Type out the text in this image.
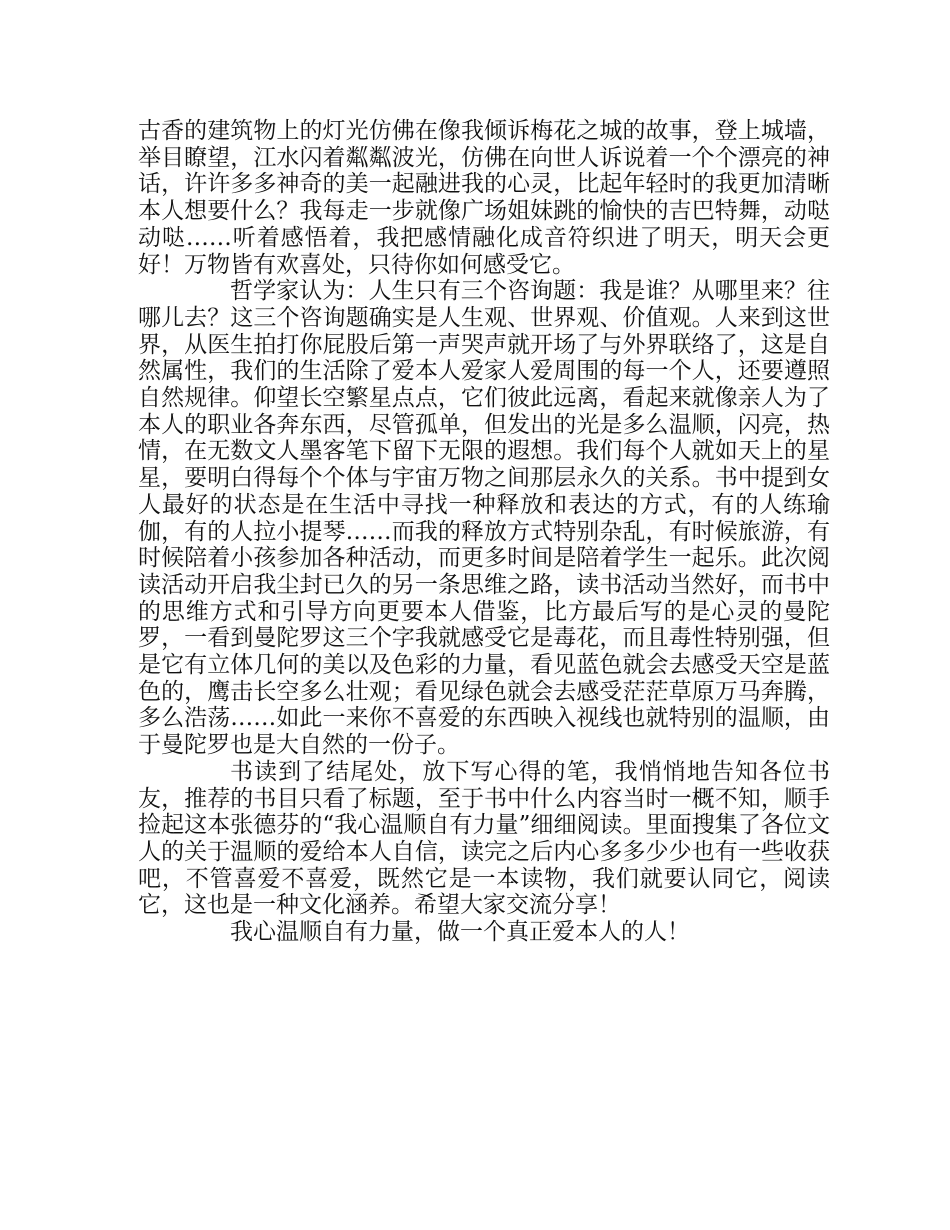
古香的建筑物上的灯光仿佛在像我倾诉梅花之城的故事，登上城墙，举目瞭望，江水闪着粼粼波光，仿佛在向世人诉说着一个个漂亮的神话，许许多多神奇的美一起融进我的心灵，比起年轻时的我更加清晰本人想要什么？我每走一步就像广场姐妹跳的愉快的吉巴特舞，动哒动哒……听着感悟着，我把感情融化成音符织进了明天，明天会更好！万物皆有欢喜处，只待你如何感受它。

哲学家认为：人生只有三个咨询题：我是谁？从哪里来？往哪儿去？这三个咨询题确实是人生观、世界观、价值观。人来到这世界，从医生拍打你屁股后第一声哭声就开场了与外界联络了，这是自然属性，我们的生活除了爱本人爱家人爱周围的每一个人，还要遵照自然规律。仰望长空繁星点点，它们彼此远离，看起来就像亲人为了本人的职业各奔东西，尽管孤单，但发出的光是多么温顺，闪亮，热情，在无数文人墨客笔下留下无限的遐想。我们每个人就如天上的星星，要明白得每个个体与宇宙万物之间那层永久的关系。书中提到女人最好的状态是在生活中寻找一种释放和表达的方式，有的人练瑜伽，有的人拉小提琴……而我的释放方式特别杂乱，有时候旅游，有时候陪着小孩参加各种活动，而更多时间是陪着学生一起乐。此次阅读活动开启我尘封已久的另一条思维之路，读书活动当然好，而书中的思维方式和引导方向更要本人借鉴，比方最后写的是心灵的曼陀罗，一看到曼陀罗这三个字我就感受它是毒花，而且毒性特别强，但是它有立体几何的美以及色彩的力量，看见蓝色就会去感受天空是蓝色的，鹰击长空多么壮观；看见绿色就会去感受茫茫草原万马奔腾，多么浩荡……如此一来你不喜爱的东西映入视线也就特别的温顺，由于曼陀罗也是大自然的一份子。

书读到了结尾处，放下写心得的笔，我悄悄地告知各位书友，推荐的书目只看了标题，至于书中什么内容当时一概不知，顺手捡起这本张德芬的“我心温顺自有力量”细细阅读。里面搜集了各位文人的关于温顺的爱给本人自信，读完之后内心多多少少也有一些收获吧，不管喜爱不喜爱，既然它是一本读物，我们就要认同它，阅读它，这也是一种文化涵养。希望大家交流分享！

我心温顺自有力量，做一个真正爱本人的人！
